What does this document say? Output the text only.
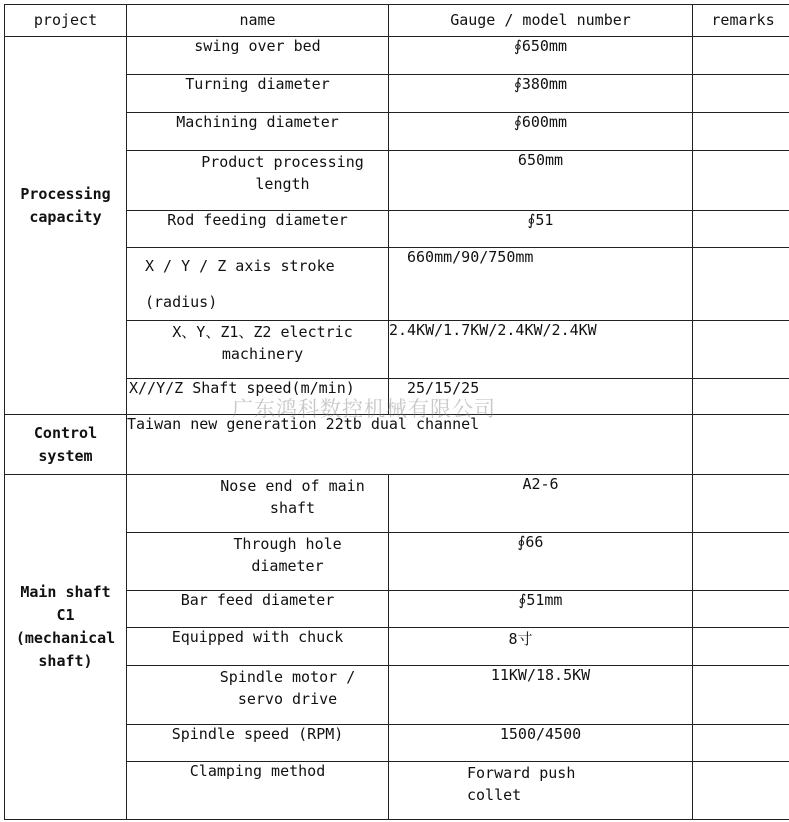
project	name	Gauge / model number	remarks
Processing capacity	swing over bed	∮650mm	
	Turning diameter	∮380mm	
	Machining diameter	∮600mm	
	Product processing length	650mm	
	Rod feeding diameter	∮51	
	X / Y / Z axis stroke (radius)	660mm/90/750mm	
	X、Y、Z1、Z2 electric machinery	2.4KW/1.7KW/2.4KW/2.4KW	
	X//Y/Z Shaft speed(m/min)	25/15/25	
Control system	Taiwan new generation 22tb dual channel		
Main shaft C1 (mechanical shaft)	Nose end of main shaft	A2-6	
	Through hole diameter	∮66	
	Bar feed diameter	∮51mm	
	Equipped with chuck	8寸	
	Spindle motor / servo drive	11KW/18.5KW	
	Spindle speed (RPM)	1500/4500	
	Clamping method	Forward push collet	
广东鸿科数控机械有限公司
